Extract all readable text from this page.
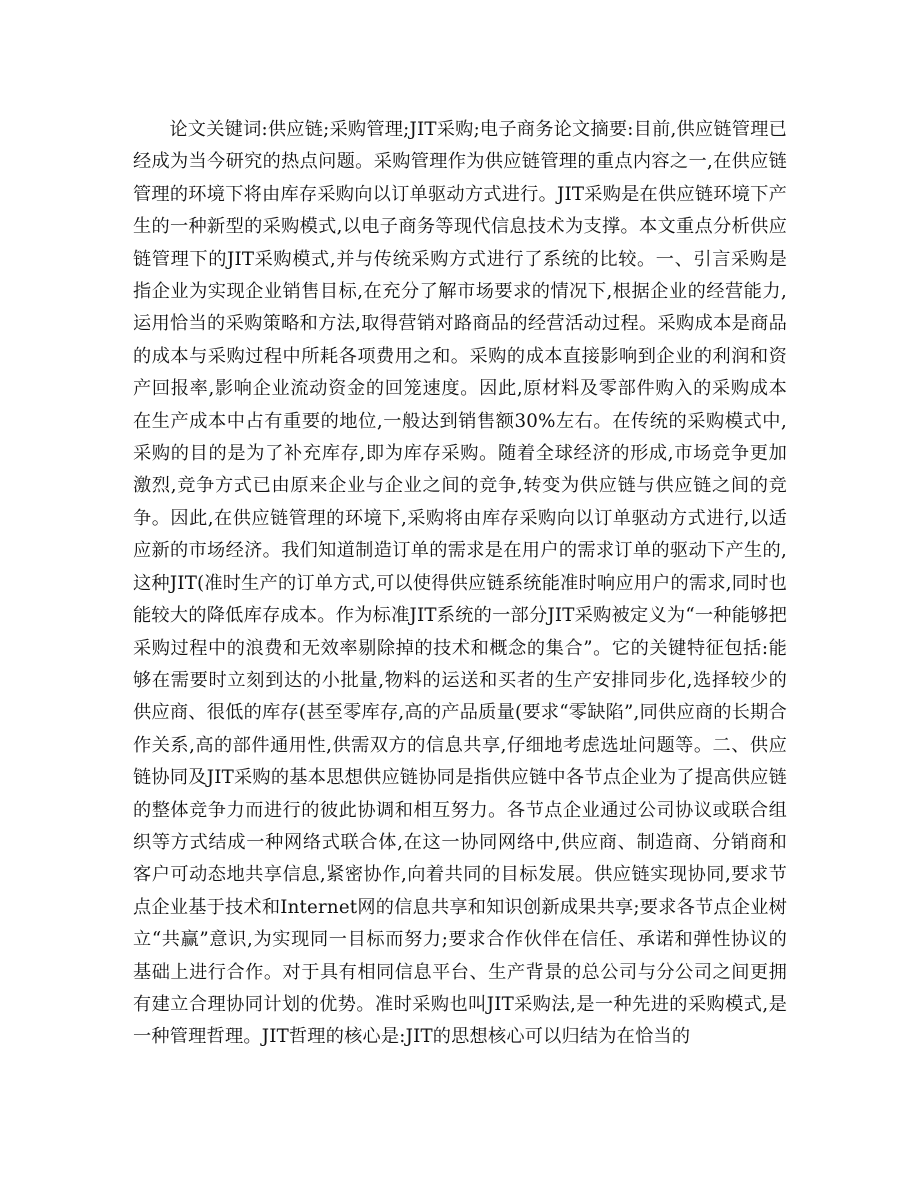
论文关键词:供应链;采购管理;JIT采购;电子商务论文摘要:目前,供应链管理已经成为当今研究的热点问题。采购管理作为供应链管理的重点内容之一,在供应链管理的环境下将由库存采购向以订单驱动方式进行。JIT采购是在供应链环境下产生的一种新型的采购模式,以电子商务等现代信息技术为支撑。本文重点分析供应链管理下的JIT采购模式,并与传统采购方式进行了系统的比较。一、引言采购是指企业为实现企业销售目标,在充分了解市场要求的情况下,根据企业的经营能力,运用恰当的采购策略和方法,取得营销对路商品的经营活动过程。采购成本是商品的成本与采购过程中所耗各项费用之和。采购的成本直接影响到企业的利润和资产回报率,影响企业流动资金的回笼速度。因此,原材料及零部件购入的采购成本在生产成本中占有重要的地位,一般达到销售额30%左右。在传统的采购模式中,采购的目的是为了补充库存,即为库存采购。随着全球经济的形成,市场竞争更加激烈,竞争方式已由原来企业与企业之间的竞争,转变为供应链与供应链之间的竞争。因此,在供应链管理的环境下,采购将由库存采购向以订单驱动方式进行,以适应新的市场经济。我们知道制造订单的需求是在用户的需求订单的驱动下产生的,这种JIT(准时生产的订单方式,可以使得供应链系统能准时响应用户的需求,同时也能较大的降低库存成本。作为标准JIT系统的一部分JIT采购被定义为“一种能够把采购过程中的浪费和无效率剔除掉的技术和概念的集合”。它的关键特征包括:能够在需要时立刻到达的小批量,物料的运送和买者的生产安排同步化,选择较少的供应商、很低的库存(甚至零库存,高的产品质量(要求“零缺陷”,同供应商的长期合作关系,高的部件通用性,供需双方的信息共享,仔细地考虑选址问题等。二、供应链协同及JIT采购的基本思想供应链协同是指供应链中各节点企业为了提高供应链的整体竞争力而进行的彼此协调和相互努力。各节点企业通过公司协议或联合组织等方式结成一种网络式联合体,在这一协同网络中,供应商、制造商、分销商和客户可动态地共享信息,紧密协作,向着共同的目标发展。供应链实现协同,要求节点企业基于技术和Internet网的信息共享和知识创新成果共享;要求各节点企业树立“共赢”意识,为实现同一目标而努力;要求合作伙伴在信任、承诺和弹性协议的基础上进行合作。对于具有相同信息平台、生产背景的总公司与分公司之间更拥有建立合理协同计划的优势。准时采购也叫JIT采购法,是一种先进的采购模式,是一种管理哲理。JIT哲理的核心是:JIT的思想核心可以归结为在恰当的
